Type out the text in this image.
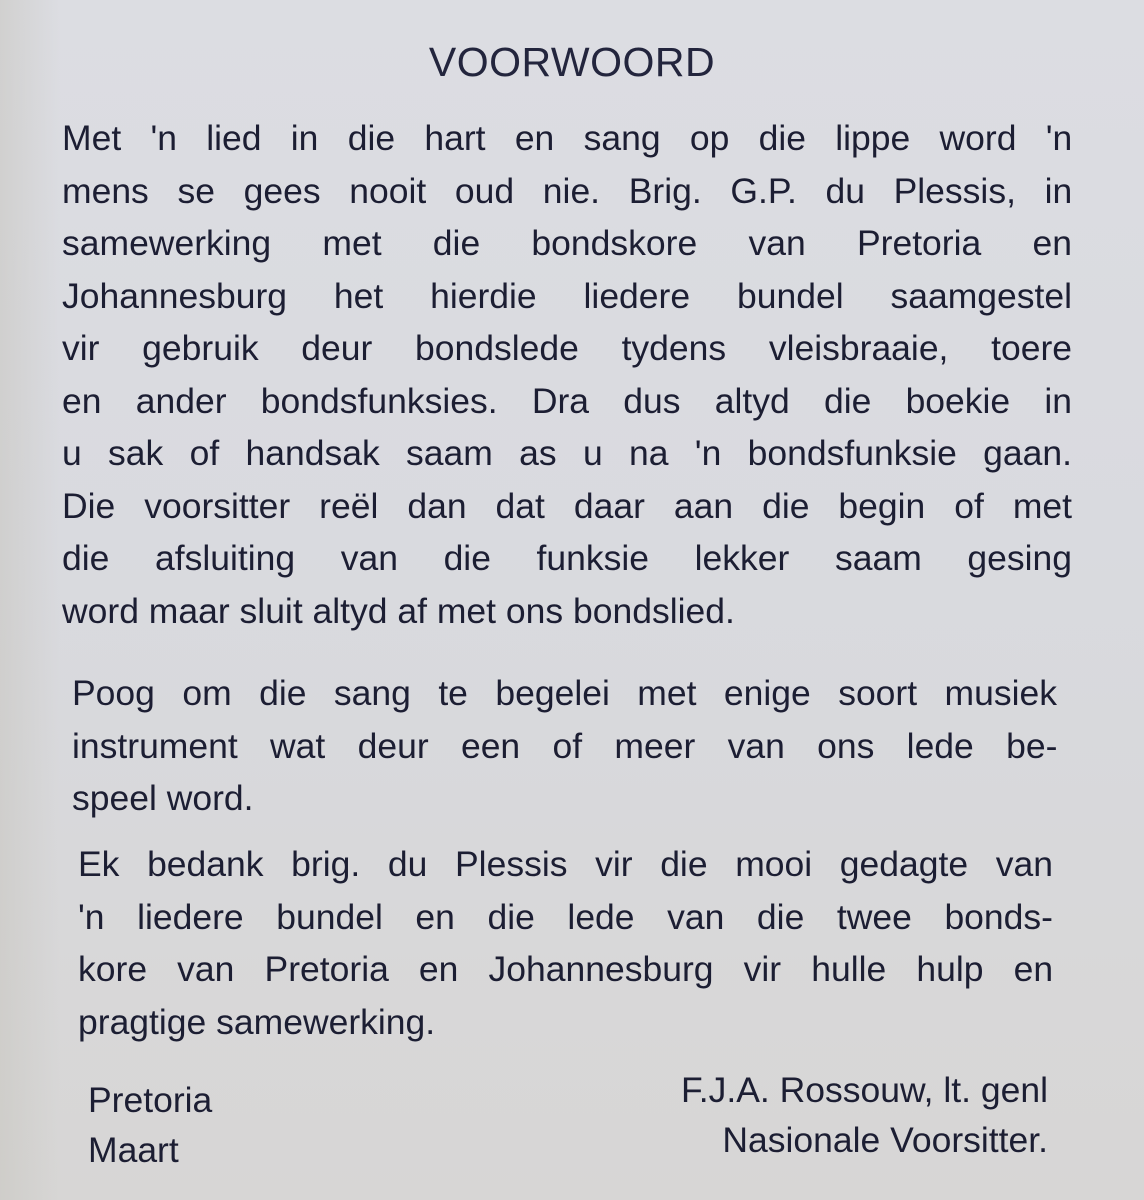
VOORWOORD
Met 'n lied in die hart en sang op die lippe word 'n
mens se gees nooit oud nie. Brig. G.P. du Plessis, in
samewerking met die bondskore van Pretoria en
Johannesburg het hierdie liedere bundel saamgestel
vir gebruik deur bondslede tydens vleisbraaie, toere
en ander bondsfunksies. Dra dus altyd die boekie in
u sak of handsak saam as u na 'n bondsfunksie gaan.
Die voorsitter reël dan dat daar aan die begin of met
die afsluiting van die funksie lekker saam gesing
word maar sluit altyd af met ons bondslied.
Poog om die sang te begelei met enige soort musiek
instrument wat deur een of meer van ons lede be-
speel word.
Ek bedank brig. du Plessis vir die mooi gedagte van
'n liedere bundel en die lede van die twee bonds-
kore van Pretoria en Johannesburg vir hulle hulp en
pragtige samewerking.
Pretoria
Maart
F.J.A. Rossouw, lt. genl
Nasionale Voorsitter.
